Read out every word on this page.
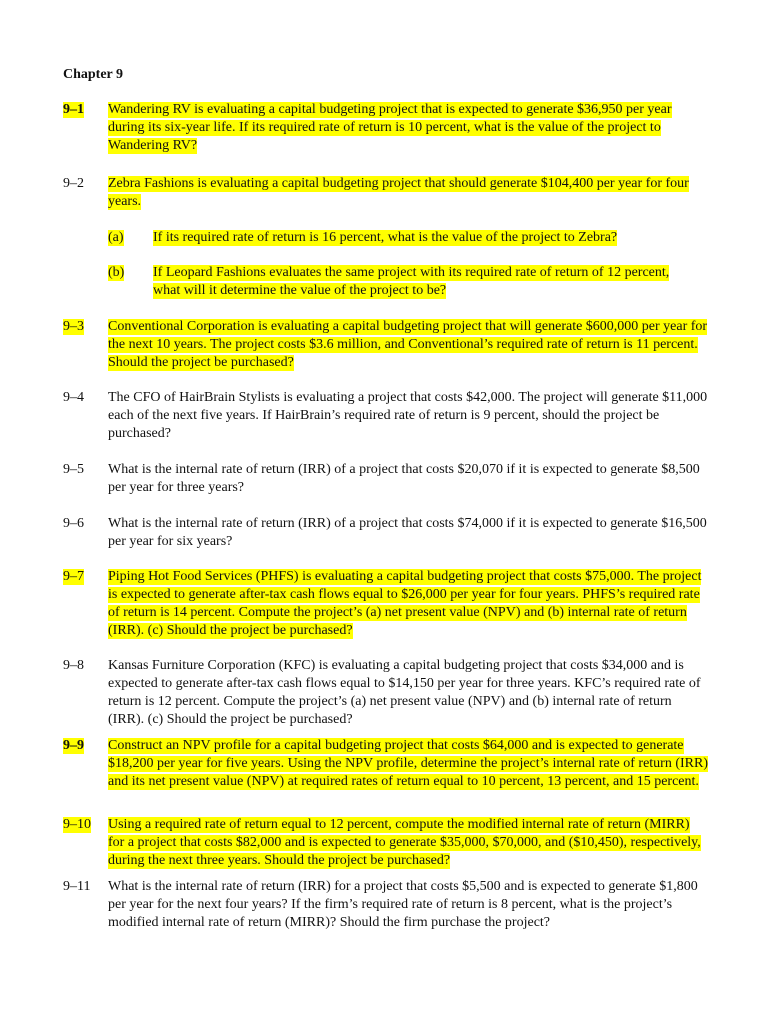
Chapter 9
9–1	Wandering RV is evaluating a capital budgeting project that is expected to generate $36,950 per year during its six-year life. If its required rate of return is 10 percent, what is the value of the project to Wandering RV?
9–2	Zebra Fashions is evaluating a capital budgeting project that should generate $104,400 per year for four years.
(a)	If its required rate of return is 16 percent, what is the value of the project to Zebra?
(b)	If Leopard Fashions evaluates the same project with its required rate of return of 12 percent, what will it determine the value of the project to be?
9–3	Conventional Corporation is evaluating a capital budgeting project that will generate $600,000 per year for the next 10 years. The project costs $3.6 million, and Conventional’s required rate of return is 11 percent. Should the project be purchased?
9–4	The CFO of HairBrain Stylists is evaluating a project that costs $42,000. The project will generate $11,000 each of the next five years. If HairBrain’s required rate of return is 9 percent, should the project be purchased?
9–5	What is the internal rate of return (IRR) of a project that costs $20,070 if it is expected to generate $8,500 per year for three years?
9–6	What is the internal rate of return (IRR) of a project that costs $74,000 if it is expected to generate $16,500 per year for six years?
9–7	Piping Hot Food Services (PHFS) is evaluating a capital budgeting project that costs $75,000. The project is expected to generate after-tax cash flows equal to $26,000 per year for four years. PHFS’s required rate of return is 14 percent. Compute the project’s (a) net present value (NPV) and (b) internal rate of return (IRR). (c) Should the project be purchased?
9–8	Kansas Furniture Corporation (KFC) is evaluating a capital budgeting project that costs $34,000 and is expected to generate after-tax cash flows equal to $14,150 per year for three years. KFC’s required rate of return is 12 percent. Compute the project’s (a) net present value (NPV) and (b) internal rate of return (IRR). (c) Should the project be purchased?
9–9	Construct an NPV profile for a capital budgeting project that costs $64,000 and is expected to generate $18,200 per year for five years. Using the NPV profile, determine the project’s internal rate of return (IRR) and its net present value (NPV) at required rates of return equal to 10 percent, 13 percent, and 15 percent.
9–10	Using a required rate of return equal to 12 percent, compute the modified internal rate of return (MIRR) for a project that costs $82,000 and is expected to generate $35,000, $70,000, and ($10,450), respectively, during the next three years. Should the project be purchased?
9–11	What is the internal rate of return (IRR) for a project that costs $5,500 and is expected to generate $1,800 per year for the next four years? If the firm’s required rate of return is 8 percent, what is the project’s modified internal rate of return (MIRR)? Should the firm purchase the project?
